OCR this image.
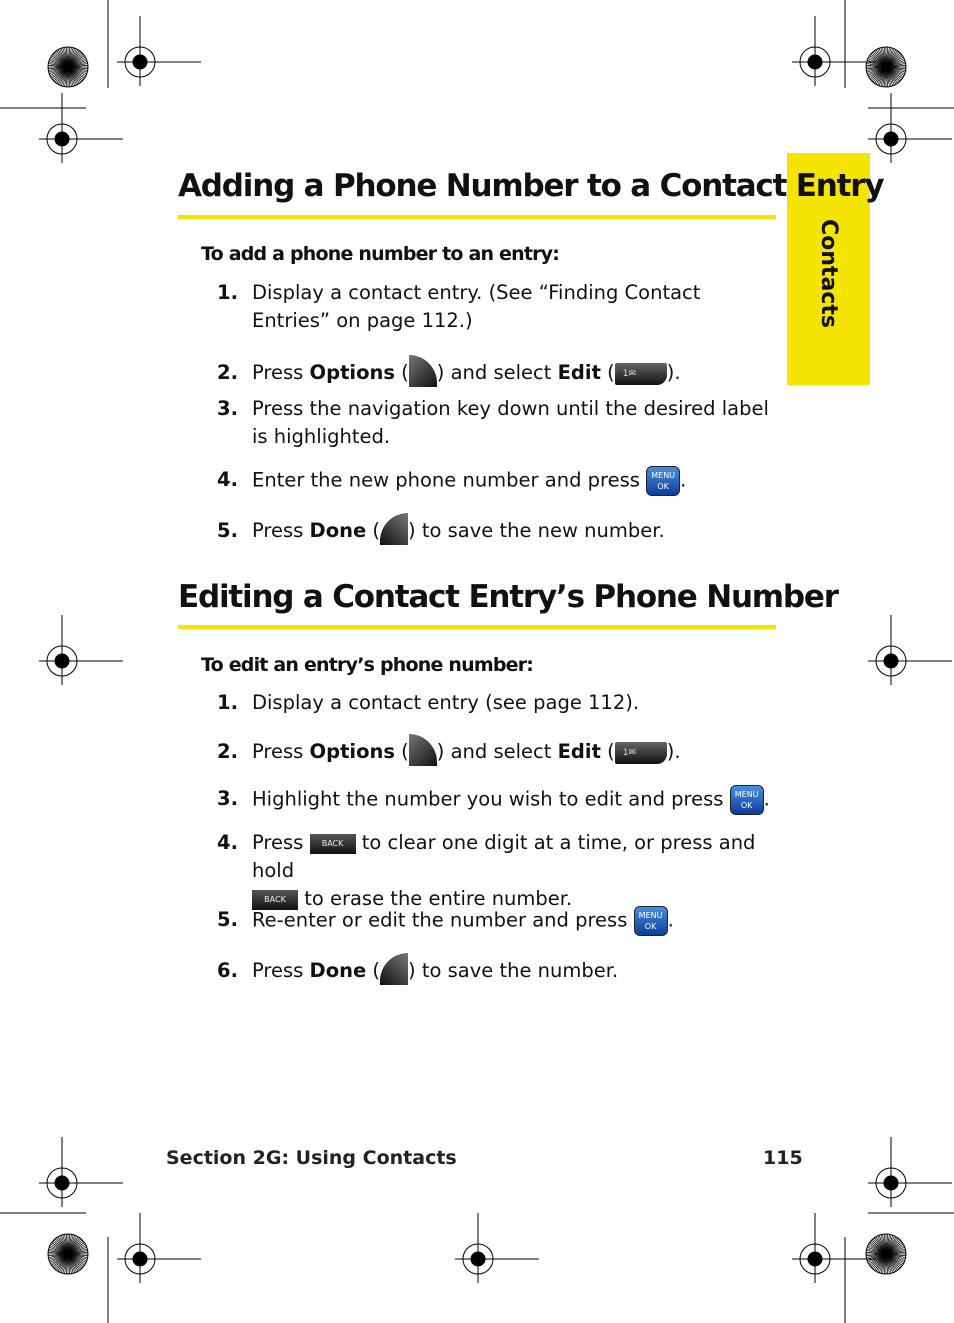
Contacts
Adding a Phone Number to a Contact Entry
To add a phone number to an entry:
1. Display a contact entry. (See “Finding Contact Entries” on page 112.)
2. Press Options ( ) and select Edit ( 1✉ ).
3. Press the navigation key down until the desired label is highlighted.
4. Enter the new phone number and press MENU
OK .
5. Press Done ( ) to save the new number.
Editing a Contact Entry’s Phone Number
To edit an entry’s phone number:
1. Display a contact entry (see page 112).
2. Press Options ( ) and select Edit ( 1✉ ).
3. Highlight the number you wish to edit and press MENU
OK .
4. Press BACK to clear one digit at a time, or press and hold
BACK to erase the entire number.
5. Re-enter or edit the number and press MENU
OK .
6. Press Done ( ) to save the number.
Section 2G: Using Contacts	115
